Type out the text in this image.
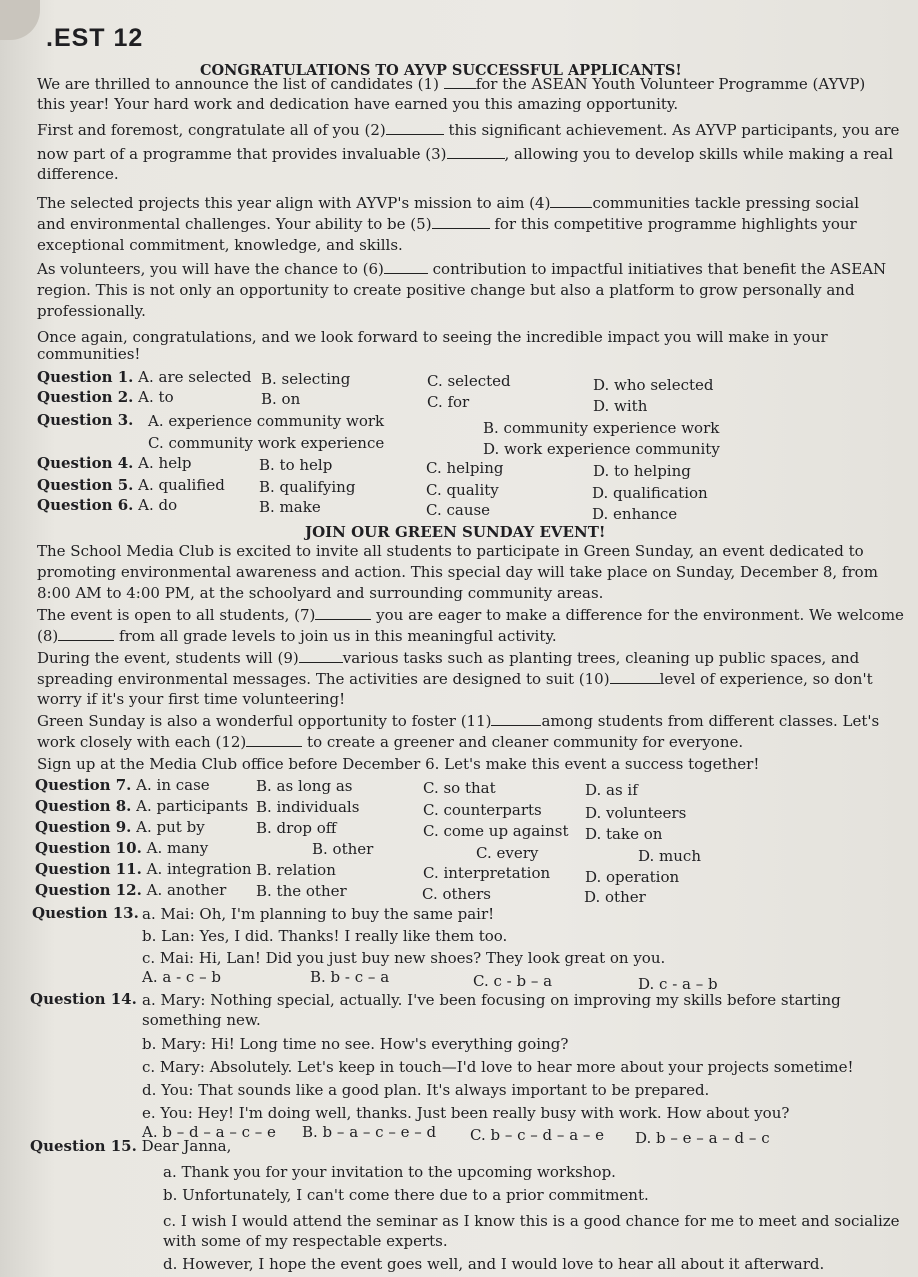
.EST 12
CONGRATULATIONS TO AYVP SUCCESSFUL APPLICANTS!
We are thrilled to announce the list of candidates (1) for the ASEAN Youth Volunteer Programme (AYVP)
this year! Your hard work and dedication have earned you this amazing opportunity.
First and foremost, congratulate all of you (2)	this significant achievement. As AYVP participants, you are
now part of a programme that provides invaluable (3)	, allowing you to develop skills while making a real
difference.
The selected projects this year align with AYVP's mission to aim (4)	communities tackle pressing social
and environmental challenges. Your ability to be (5)	for this competitive programme highlights your
exceptional commitment, knowledge, and skills.
As volunteers, you will have the chance to (6)	contribution to impactful initiatives that benefit the ASEAN
region. This is not only an opportunity to create positive change but also a platform to grow personally and
professionally.
Once again, congratulations, and we look forward to seeing the incredible impact you will make in your
communities!
Question 1. A. are selected B. selecting	C. selected	D. who selected
Question 2. A. to	B. on	C. for	D. with
Question 3. A. experience community work	B. community experience work
C. community work experience	D. work experience community
Question 4. A. help	B. to help	C. helping	D. to helping
Question 5. A. qualified B. qualifying	C. quality	D. qualification
Question 6. A. do	B. make	C. cause	D. enhance
JOIN OUR GREEN SUNDAY EVENT!
The School Media Club is excited to invite all students to participate in Green Sunday, an event dedicated to
promoting environmental awareness and action. This special day will take place on Sunday, December 8, from
8:00 AM to 4:00 PM, at the schoolyard and surrounding community areas.
The event is open to all students, (7)	you are eager to make a difference for the environment. We welcome
(8)	from all grade levels to join us in this meaningful activity.
During the event, students will (9)	various tasks such as planting trees, cleaning up public spaces, and
spreading environmental messages. The activities are designed to suit (10)	level of experience, so don't
worry if it's your first time volunteering!
Green Sunday is also a wonderful opportunity to foster (11)	among students from different classes. Let's
work closely with each (12)	to create a greener and cleaner community for everyone.
Sign up at the Media Club office before December 6. Let's make this event a success together!
Question 7. A. in case	B. as long as	C. so that	D. as if
Question 8. A. participants B. individuals	C. counterparts	D. volunteers
Question 9. A. put by	B. drop off	C. come up against D. take on
Question 10. A. many	B. other	C. every	D. much
Question 11. A. integration B. relation	C. interpretation D. operation
Question 12. A. another B. the other	C. others	D. other
Question 13. a. Mai: Oh, I'm planning to buy the same pair!
b. Lan: Yes, I did. Thanks! I really like them too.
c. Mai: Hi, Lan! Did you just buy new shoes? They look great on you.
A. a - c – b	B. b - c – a	C. c - b – a	D. c - a – b
Question 14. a. Mary: Nothing special, actually. I've been focusing on improving my skills before starting
something new.
b. Mary: Hi! Long time no see. How's everything going?
c. Mary: Absolutely. Let's keep in touch—I'd love to hear more about your projects sometime!
d. You: That sounds like a good plan. It's always important to be prepared.
e. You: Hey! I'm doing well, thanks. Just been really busy with work. How about you?
A. b – d – a – c – e B. b – a – c – e – d C. b – c – d – a – e D. b – e – a – d – c
Question 15. Dear Janna,
a. Thank you for your invitation to the upcoming workshop.
b. Unfortunately, I can't come there due to a prior commitment.
c. I wish I would attend the seminar as I know this is a good chance for me to meet and socialize
with some of my respectable experts.
d. However, I hope the event goes well, and I would love to hear all about it afterward.
